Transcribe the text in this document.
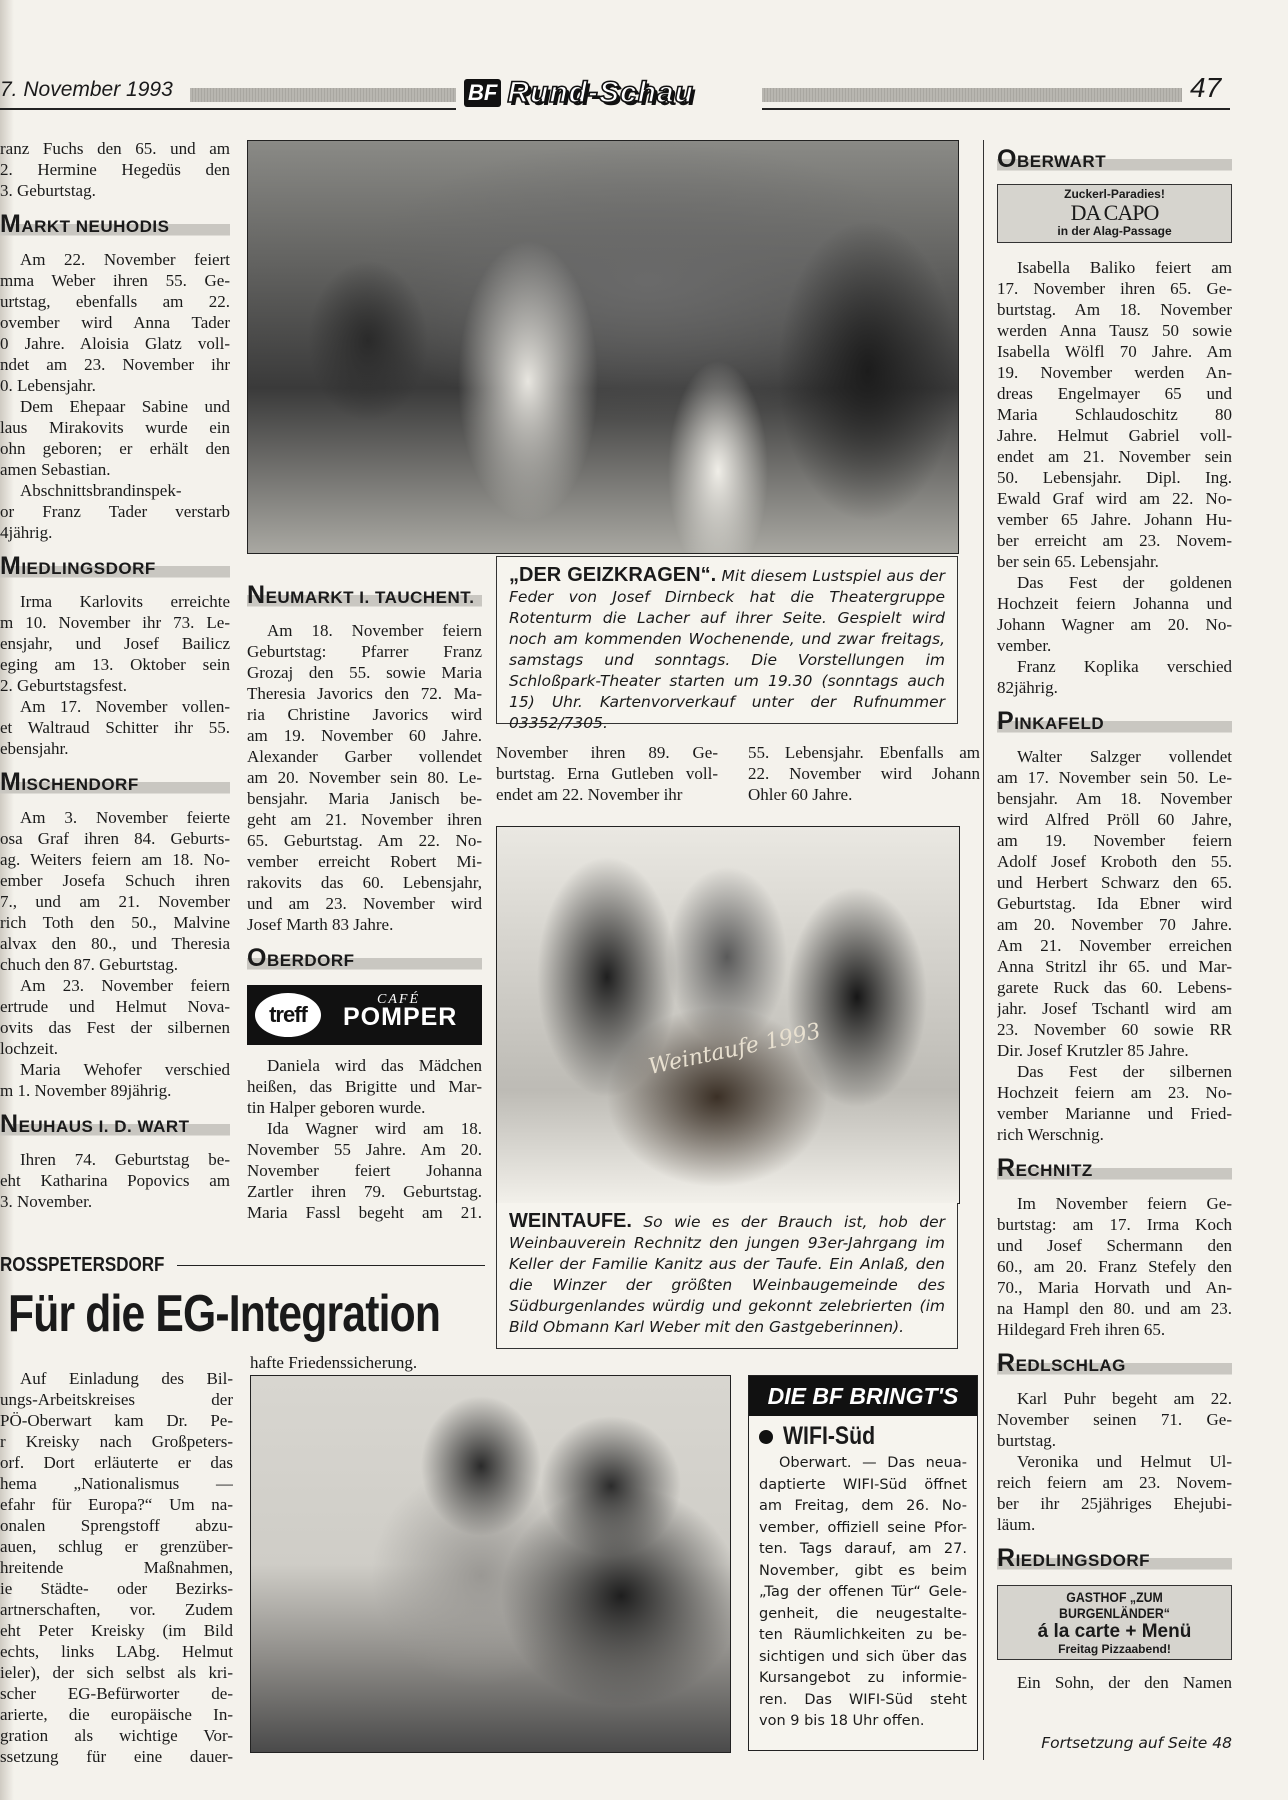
7. November 1993	BF Rund-Schau	47
ranz Fuchs den 65. und am
2. Hermine Hegedüs den
3. Geburtstag.
MARKT NEUHODIS
Am 22. November feiert
mma Weber ihren 55. Ge-
urtstag, ebenfalls am 22.
ovember wird Anna Tader
0 Jahre. Aloisia Glatz voll-
ndet am 23. November ihr
0. Lebensjahr.
Dem Ehepaar Sabine und
laus Mirakovits wurde ein
ohn geboren; er erhält den
amen Sebastian.
Abschnittsbrandinspek-
or Franz Tader verstarb
4jährig.
MIEDLINGSDORF
Irma Karlovits erreichte
m 10. November ihr 73. Le-
ensjahr, und Josef Bailicz
eging am 13. Oktober sein
2. Geburtstagsfest.
Am 17. November vollen-
et Waltraud Schitter ihr 55.
ebensjahr.
MISCHENDORF
Am 3. November feierte
osa Graf ihren 84. Geburts-
ag. Weiters feiern am 18. No-
ember Josefa Schuch ihren
7., und am 21. November
rich Toth den 50., Malvine
alvax den 80., und Theresia
chuch den 87. Geburtstag.
Am 23. November feiern
ertrude und Helmut Nova-
ovits das Fest der silbernen
lochzeit.
Maria Wehofer verschied
m 1. November 89jährig.
NEUHAUS I. D. WART
Ihren 74. Geburtstag be-
eht Katharina Popovics am
3. November.
NEUMARKT I. TAUCHENT.
Am 18. November feiern
Geburtstag: Pfarrer Franz
Grozaj den 55. sowie Maria
Theresia Javorics den 72. Ma-
ria Christine Javorics wird
am 19. November 60 Jahre.
Alexander Garber vollendet
am 20. November sein 80. Le-
bensjahr. Maria Janisch be-
geht am 21. November ihren
65. Geburtstag. Am 22. No-
vember erreicht Robert Mi-
rakovits das 60. Lebensjahr,
und am 23. November wird
Josef Marth 83 Jahre.
OBERDORF
treff
CAFÉ
POMPER
Daniela wird das Mädchen
heißen, das Brigitte und Mar-
tin Halper geboren wurde.
Ida Wagner wird am 18.
November 55 Jahre. Am 20.
November feiert Johanna
Zartler ihren 79. Geburtstag.
Maria Fassl begeht am 21.
„DER GEIZKRAGEN“. Mit diesem Lustspiel aus der Feder von Josef Dirnbeck hat die Theatergruppe Rotenturm die Lacher auf ihrer Seite. Gespielt wird noch am kommenden Wochenende, und zwar freitags, samstags und sonntags. Die Vorstellungen im Schloßpark-Theater starten um 19.30 (sonntags auch 15) Uhr. Kartenvorverkauf unter der Rufnummer 03352/7305.
November ihren 89. Ge-
burtstag. Erna Gutleben voll-
endet am 22. November ihr
55. Lebensjahr. Ebenfalls am
22. November wird Johann
Ohler 60 Jahre.
Weintaufe 1993
WEINTAUFE. So wie es der Brauch ist, hob der Weinbauverein Rechnitz den jungen 93er-Jahrgang im Keller der Familie Kanitz aus der Taufe. Ein Anlaß, den die Winzer der größten Weinbaugemeinde des Südburgenlandes würdig und gekonnt zelebrierten (im Bild Obmann Karl Weber mit den Gastgeberinnen).
ROSSPETERSDORF
Für die EG-Integration
Auf Einladung des Bil-
ungs-Arbeitskreises der
PÖ-Oberwart kam Dr. Pe-
r Kreisky nach Großpeters-
orf. Dort erläuterte er das
hema „Nationalismus —
efahr für Europa?“ Um na-
onalen Sprengstoff abzu-
auen, schlug er grenzüber-
hreitende Maßnahmen,
ie Städte- oder Bezirks-
artnerschaften, vor. Zudem
eht Peter Kreisky (im Bild
echts, links LAbg. Helmut
ieler), der sich selbst als kri-
scher EG-Befürworter de-
arierte, die europäische In-
gration als wichtige Vor-
ssetzung für eine dauer-
hafte Friedenssicherung.
DIE BF BRINGT'S
WIFI-Süd
Oberwart. — Das neua-
daptierte WIFI-Süd öffnet
am Freitag, dem 26. No-
vember, offiziell seine Pfor-
ten. Tags darauf, am 27.
November, gibt es beim
„Tag der offenen Tür“ Gele-
genheit, die neugestalte-
ten Räumlichkeiten zu be-
sichtigen und sich über das
Kursangebot zu informie-
ren. Das WIFI-Süd steht
von 9 bis 18 Uhr offen.
OBERWART
Zuckerl-Paradies!
DA CAPO
in der Alag-Passage
Isabella Baliko feiert am
17. November ihren 65. Ge-
burtstag. Am 18. November
werden Anna Tausz 50 sowie
Isabella Wölfl 70 Jahre. Am
19. November werden An-
dreas Engelmayer 65 und
Maria Schlaudoschitz 80
Jahre. Helmut Gabriel voll-
endet am 21. November sein
50. Lebensjahr. Dipl. Ing.
Ewald Graf wird am 22. No-
vember 65 Jahre. Johann Hu-
ber erreicht am 23. Novem-
ber sein 65. Lebensjahr.
Das Fest der goldenen
Hochzeit feiern Johanna und
Johann Wagner am 20. No-
vember.
Franz Koplika verschied
82jährig.
PINKAFELD
Walter Salzger vollendet
am 17. November sein 50. Le-
bensjahr. Am 18. November
wird Alfred Pröll 60 Jahre,
am 19. November feiern
Adolf Josef Kroboth den 55.
und Herbert Schwarz den 65.
Geburtstag. Ida Ebner wird
am 20. November 70 Jahre.
Am 21. November erreichen
Anna Stritzl ihr 65. und Mar-
garete Ruck das 60. Lebens-
jahr. Josef Tschantl wird am
23. November 60 sowie RR
Dir. Josef Krutzler 85 Jahre.
Das Fest der silbernen
Hochzeit feiern am 23. No-
vember Marianne und Fried-
rich Werschnig.
RECHNITZ
Im November feiern Ge-
burtstag: am 17. Irma Koch
und Josef Schermann den
60., am 20. Franz Stefely den
70., Maria Horvath und An-
na Hampl den 80. und am 23.
Hildegard Freh ihren 65.
REDLSCHLAG
Karl Puhr begeht am 22.
November seinen 71. Ge-
burtstag.
Veronika und Helmut Ul-
reich feiern am 23. Novem-
ber ihr 25jähriges Ehejubi-
läum.
RIEDLINGSDORF
GASTHOF „ZUM BURGENLÄNDER“
á la carte + Menü
Freitag Pizzaabend!
Ein Sohn, der den Namen
Fortsetzung auf Seite 48
